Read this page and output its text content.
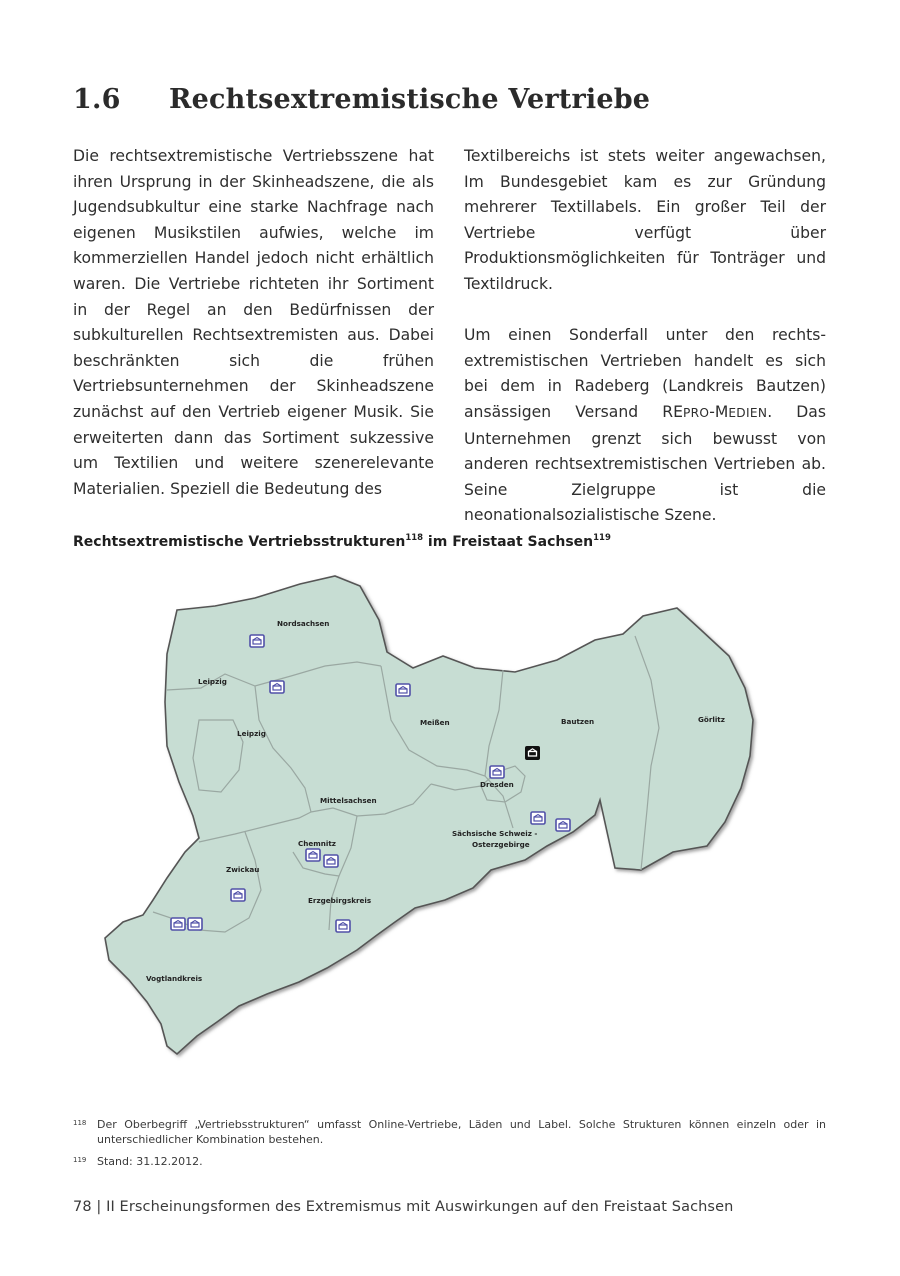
1.6 Rechtsextremistische Vertriebe

Die rechtsextremistische Vertriebsszene hat ihren Ursprung in der Skinheadszene, die als Jugendsubkultur eine starke Nachfrage nach eigenen Musikstilen aufwies, welche im kommerziellen Handel jedoch nicht erhältlich waren. Die Vertriebe richteten ihr Sortiment in der Regel an den Bedürfnissen der subkulturellen Rechtsextremisten aus. Dabei beschränkten sich die frühen Vertriebsunternehmen der Skinheadszene zunächst auf den Vertrieb eigener Musik. Sie erweiterten dann das Sortiment sukzessive um Textilien und weitere szenerelevante Materialien. Speziell die Bedeutung des

Textilbereichs ist stets weiter angewachsen, Im Bundesgebiet kam es zur Gründung mehrerer Textillabels. Ein großer Teil der Vertriebe verfügt über Produktionsmöglichkeiten für Tonträger und Textildruck.

Um einen Sonderfall unter den rechtsextremistischen Vertrieben handelt es sich bei dem in Radeberg (Landkreis Bautzen) ansässigen Versand REPRO-MEDIEN. Das Unternehmen grenzt sich bewusst von anderen rechtsextremistischen Vertrieben ab. Seine Zielgruppe ist die neonationalsozialistische Szene.

Rechtsextremistische Vertriebsstrukturen$^{118}$ im Freistaat Sachsen$^{119}$

Nordsachsen
Leipzig
Leipzig
Meißen	Bautzen	Görlitz
Dresden
Mittelsachsen
Sächsische Schweiz -
Osterzgebirge
Chemnitz
Zwickau
Erzgebirgskreis
Vogtlandkreis
118 Der Oberbegriff „Vertriebsstrukturen“ umfasst Online-Vertriebe, Läden und Label. Solche Strukturen können einzeln oder in unterschiedlicher Kombination bestehen.
119 Stand: 31.12.2012.

78 | II Erscheinungsformen des Extremismus mit Auswirkungen auf den Freistaat Sachsen
